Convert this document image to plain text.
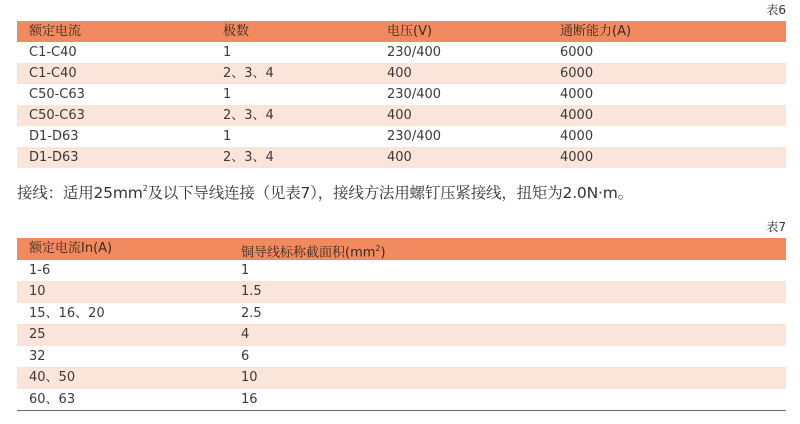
表6
额定电流	极数	电压(V)	通断能力(A)
C1-C40	1	230/400	6000
C1-C40	2、3、4	400	6000
C50-C63	1	230/400	4000
C50-C63	2、3、4	400	4000
D1-D63	1	230/400	4000
D1-D63	2、3、4	400	4000
接线：适用$25mm^2$及以下导线连接（见表7），接线方法用螺钉压紧接线，扭矩为2.0N·m。
表7
额定电流In(A)	铜导线标称截面积$(mm^2)$
1-6	1
10	1.5
15、16、20	2.5
25	4
32	6
40、50	10
60、63	16
